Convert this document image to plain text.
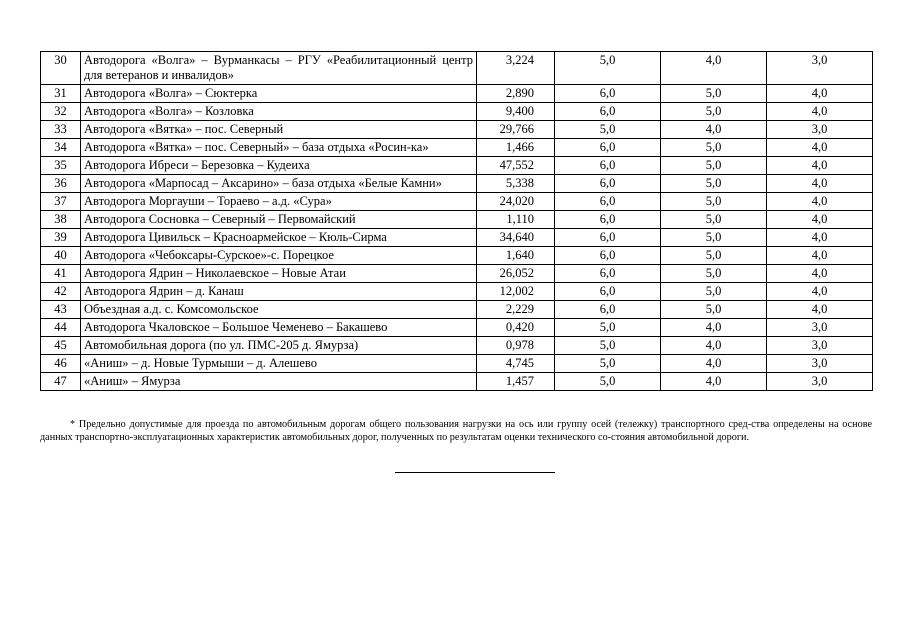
30	Автодорога «Волга» – Вурманкасы – РГУ «Реабилитационный центр для ветеранов и инвалидов»	3,224	5,0	4,0	3,0
31	Автодорога «Волга» – Сюктерка	2,890	6,0	5,0	4,0
32	Автодорога «Волга» – Козловка	9,400	6,0	5,0	4,0
33	Автодорога «Вятка» – пос. Северный	29,766	5,0	4,0	3,0
34	Автодорога «Вятка» – пос. Северный» – база отдыха «Росин-ка»	1,466	6,0	5,0	4,0
35	Автодорога Ибреси – Березовка – Кудеиха	47,552	6,0	5,0	4,0
36	Автодорога «Марпосад – Аксарино» – база отдыха «Белые Камни»	5,338	6,0	5,0	4,0
37	Автодорога Моргауши – Тораево – а.д. «Сура»	24,020	6,0	5,0	4,0
38	Автодорога Сосновка – Северный – Первомайский	1,110	6,0	5,0	4,0
39	Автодорога Цивильск – Красноармейское – Кюль-Сирма	34,640	6,0	5,0	4,0
40	Автодорога «Чебоксары-Сурское»-с. Порецкое	1,640	6,0	5,0	4,0
41	Автодорога Ядрин – Николаевское – Новые Атаи	26,052	6,0	5,0	4,0
42	Автодорога Ядрин – д. Канаш	12,002	6,0	5,0	4,0
43	Объездная а.д. с. Комсомольское	2,229	6,0	5,0	4,0
44	Автодорога Чкаловское – Большое Чеменево – Бакашево	0,420	5,0	4,0	3,0
45	Автомобильная дорога (по ул. ПМС-205 д. Ямурза)	0,978	5,0	4,0	3,0
46	«Аниш» – д. Новые Турмыши – д. Алешево	4,745	5,0	4,0	3,0
47	«Аниш» – Ямурза	1,457	5,0	4,0	3,0
* Предельно допустимые для проезда по автомобильным дорогам общего пользования нагрузки на ось или группу осей (тележку) транспортного сред-ства определены на основе данных транспортно-эксплуатационных характеристик автомобильных дорог, полученных по результатам оценки технического со-стояния автомобильной дороги.
